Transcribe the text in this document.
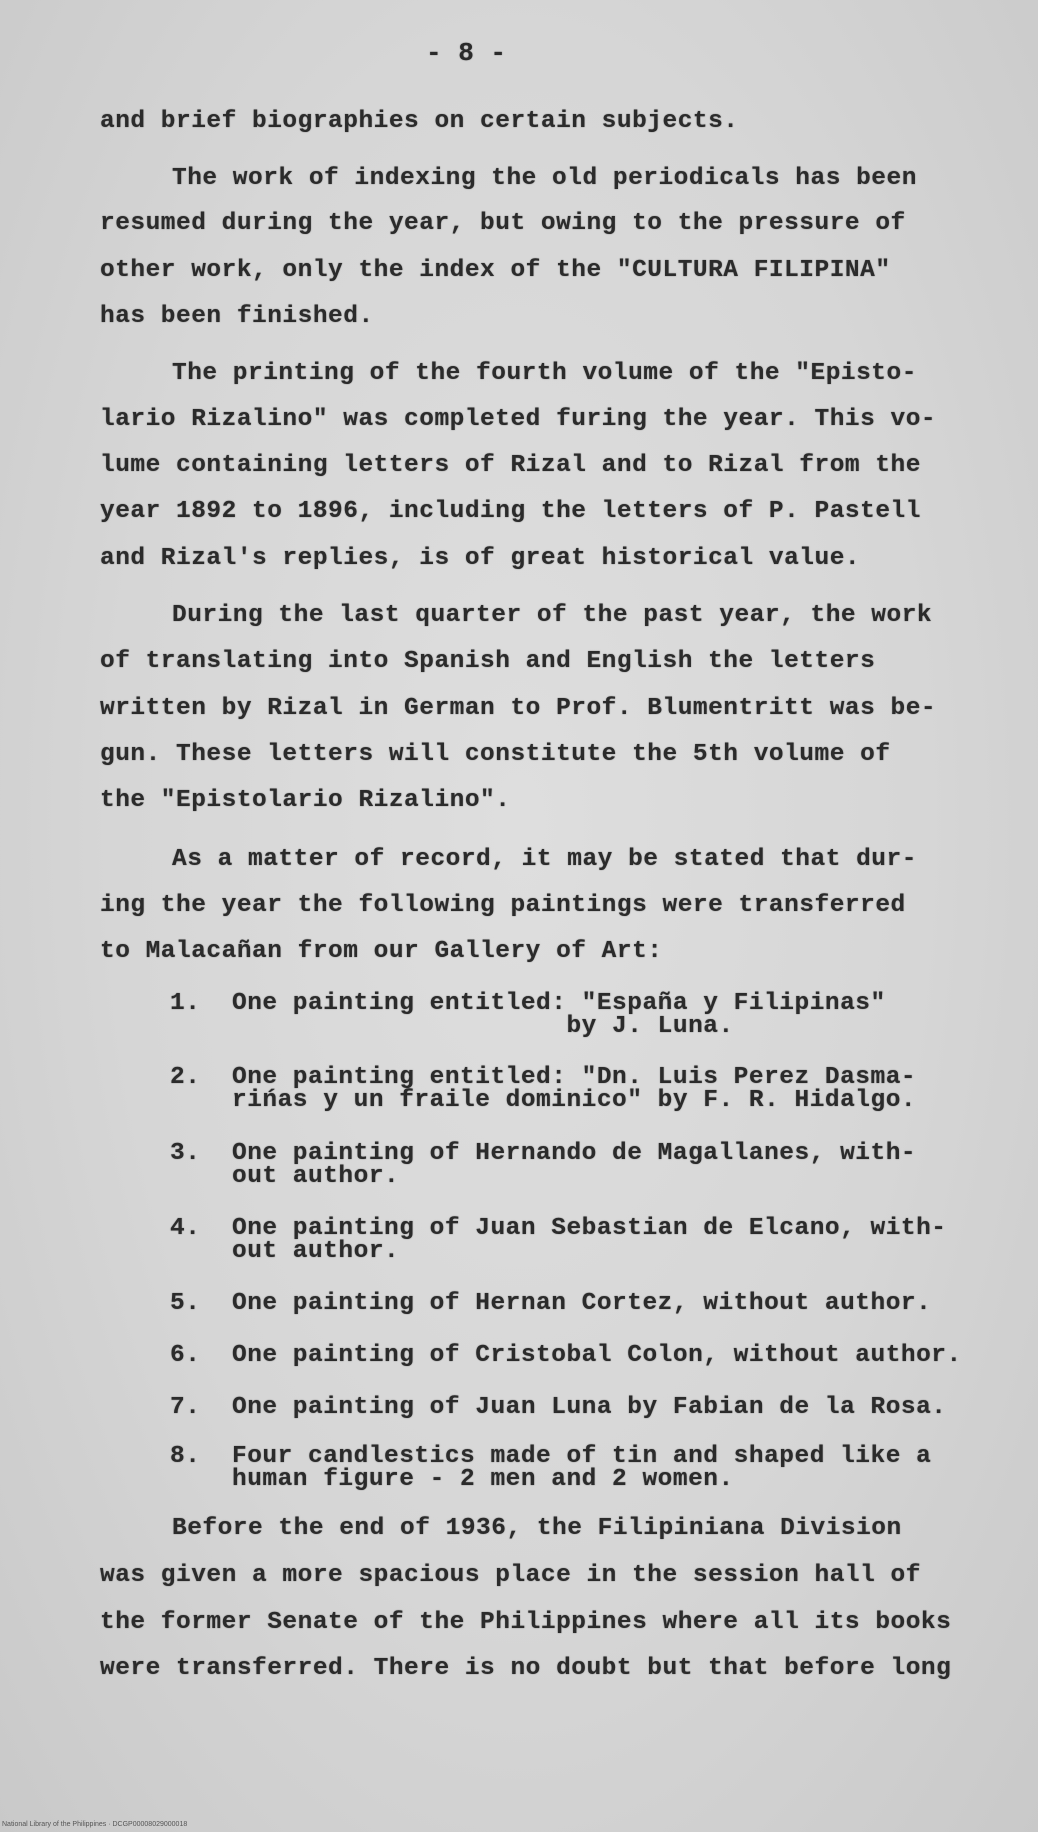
- 8 -
and brief biographies on certain subjects.
The work of indexing the old periodicals has been
resumed during the year, but owing to the pressure of
other work, only the index of the "CULTURA FILIPINA"
has been finished.
The printing of the fourth volume of the "Episto-
lario Rizalino" was completed furing the year. This vo-
lume containing letters of Rizal and to Rizal from the
year 1892 to 1896, including the letters of P. Pastell
and Rizal's replies, is of great historical value.
During the last quarter of the past year, the work
of translating into Spanish and English the letters
written by Rizal in German to Prof. Blumentritt was be-
gun. These letters will constitute the 5th volume of
the "Epistolario Rizalino".
As a matter of record, it may be stated that dur-
ing the year the following paintings were transferred
to Malacañan from our Gallery of Art:
1. One painting entitled: "España y Filipinas"
by J. Luna.
2. One painting entitled: "Dn. Luis Perez Dasma-
rińas y un fraile dominico" by F. R. Hidalgo.
3. One painting of Hernando de Magallanes, with-
out author.
4. One painting of Juan Sebastian de Elcano, with-
out author.
5. One painting of Hernan Cortez, without author.
6. One painting of Cristobal Colon, without author.
7. One painting of Juan Luna by Fabian de la Rosa.
8. Four candlestics made of tin and shaped like a
human figure - 2 men and 2 women.
Before the end of 1936, the Filipiniana Division
was given a more spacious place in the session hall of
the former Senate of the Philippines where all its books
were transferred. There is no doubt but that before long
National Library of the Philippines · DCGP00008029000018
